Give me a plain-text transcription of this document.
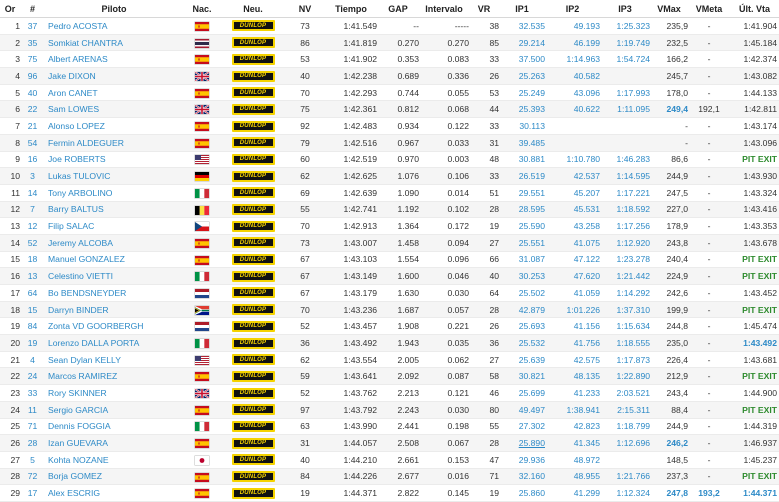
Or	#	Piloto	Nac.	Neu.	NV	Tiempo	GAP	Intervalo	VR	IP1	IP2	IP3	VMax	VMeta	Últ. Vta
1	37	Pedro ACOSTA		DUNLOP	73	1:41.549	--	-----	38	32.535	49.193	1:25.323	235,9	-	1:41.904
2	35	Somkiat CHANTRA		DUNLOP	86	1:41.819	0.270	0.270	85	29.214	46.199	1:19.749	232,5	-	1:45.184
3	75	Albert ARENAS		DUNLOP	53	1:41.902	0.353	0.083	33	37.500	1:14.963	1:54.724	166,2	-	1:42.374
4	96	Jake DIXON		DUNLOP	40	1:42.238	0.689	0.336	26	25.263	40.582		245,7	-	1:43.082
5	40	Aron CANET		DUNLOP	70	1:42.293	0.744	0.055	53	25.249	43.096	1:17.993	178,0	-	1:44.133
6	22	Sam LOWES		DUNLOP	75	1:42.361	0.812	0.068	44	25.393	40.622	1:11.095	249,4	192,1	1:42.811
7	21	Alonso LOPEZ		DUNLOP	92	1:42.483	0.934	0.122	33	30.113			-	-	1:43.174
8	54	Fermin ALDEGUER		DUNLOP	79	1:42.516	0.967	0.033	31	39.485			-	-	1:43.096
9	16	Joe ROBERTS		DUNLOP	60	1:42.519	0.970	0.003	48	30.881	1:10.780	1:46.283	86,6	-	PIT EXIT
10	3	Lukas TULOVIC		DUNLOP	62	1:42.625	1.076	0.106	33	26.519	42.537	1:14.595	244,9	-	1:43.930
11	14	Tony ARBOLINO		DUNLOP	69	1:42.639	1.090	0.014	51	29.551	45.207	1:17.221	247,5	-	1:43.324
12	7	Barry BALTUS		DUNLOP	55	1:42.741	1.192	0.102	28	28.595	45.531	1:18.592	227,0	-	1:43.416
13	12	Filip SALAC		DUNLOP	70	1:42.913	1.364	0.172	19	25.590	43.258	1:17.256	178,9	-	1:43.353
14	52	Jeremy ALCOBA		DUNLOP	73	1:43.007	1.458	0.094	27	25.551	41.075	1:12.920	243,8	-	1:43.678
15	18	Manuel GONZALEZ		DUNLOP	67	1:43.103	1.554	0.096	66	31.087	47.122	1:23.278	240,4	-	PIT EXIT
16	13	Celestino VIETTI		DUNLOP	67	1:43.149	1.600	0.046	40	30.253	47.620	1:21.442	224,9	-	PIT EXIT
17	64	Bo BENDSNEYDER		DUNLOP	67	1:43.179	1.630	0.030	64	25.502	41.059	1:14.292	242,6	-	1:43.452
18	15	Darryn BINDER		DUNLOP	70	1:43.236	1.687	0.057	28	42.879	1:01.226	1:37.310	199,9	-	PIT EXIT
19	84	Zonta VD GOORBERGH		DUNLOP	52	1:43.457	1.908	0.221	26	25.693	41.156	1:15.634	244,8	-	1:45.474
20	19	Lorenzo DALLA PORTA		DUNLOP	36	1:43.492	1.943	0.035	36	25.532	41.756	1:18.555	235,0	-	1:43.492
21	4	Sean Dylan KELLY		DUNLOP	62	1:43.554	2.005	0.062	27	25.639	42.575	1:17.873	226,4	-	1:43.681
22	24	Marcos RAMIREZ		DUNLOP	59	1:43.641	2.092	0.087	58	30.821	48.135	1:22.890	212,9	-	PIT EXIT
23	33	Rory SKINNER		DUNLOP	52	1:43.762	2.213	0.121	46	25.699	41.233	2:03.521	243,4	-	1:44.900
24	11	Sergio GARCIA		DUNLOP	97	1:43.792	2.243	0.030	80	49.497	1:38.941	2:15.311	88,4	-	PIT EXIT
25	71	Dennis FOGGIA		DUNLOP	63	1:43.990	2.441	0.198	55	27.302	42.823	1:18.799	244,9	-	1:44.319
26	28	Izan GUEVARA		DUNLOP	31	1:44.057	2.508	0.067	28	25.890	41.345	1:12.696	246,2	-	1:46.937
27	5	Kohta NOZANE		DUNLOP	40	1:44.210	2.661	0.153	47	29.936	48.972		148,5	-	1:45.237
28	72	Borja GOMEZ		DUNLOP	84	1:44.226	2.677	0.016	71	32.160	48.955	1:21.766	237,3	-	PIT EXIT
29	17	Alex ESCRIG		DUNLOP	19	1:44.371	2.822	0.145	19	25.860	41.299	1:12.324	247,8	193,2	1:44.371
